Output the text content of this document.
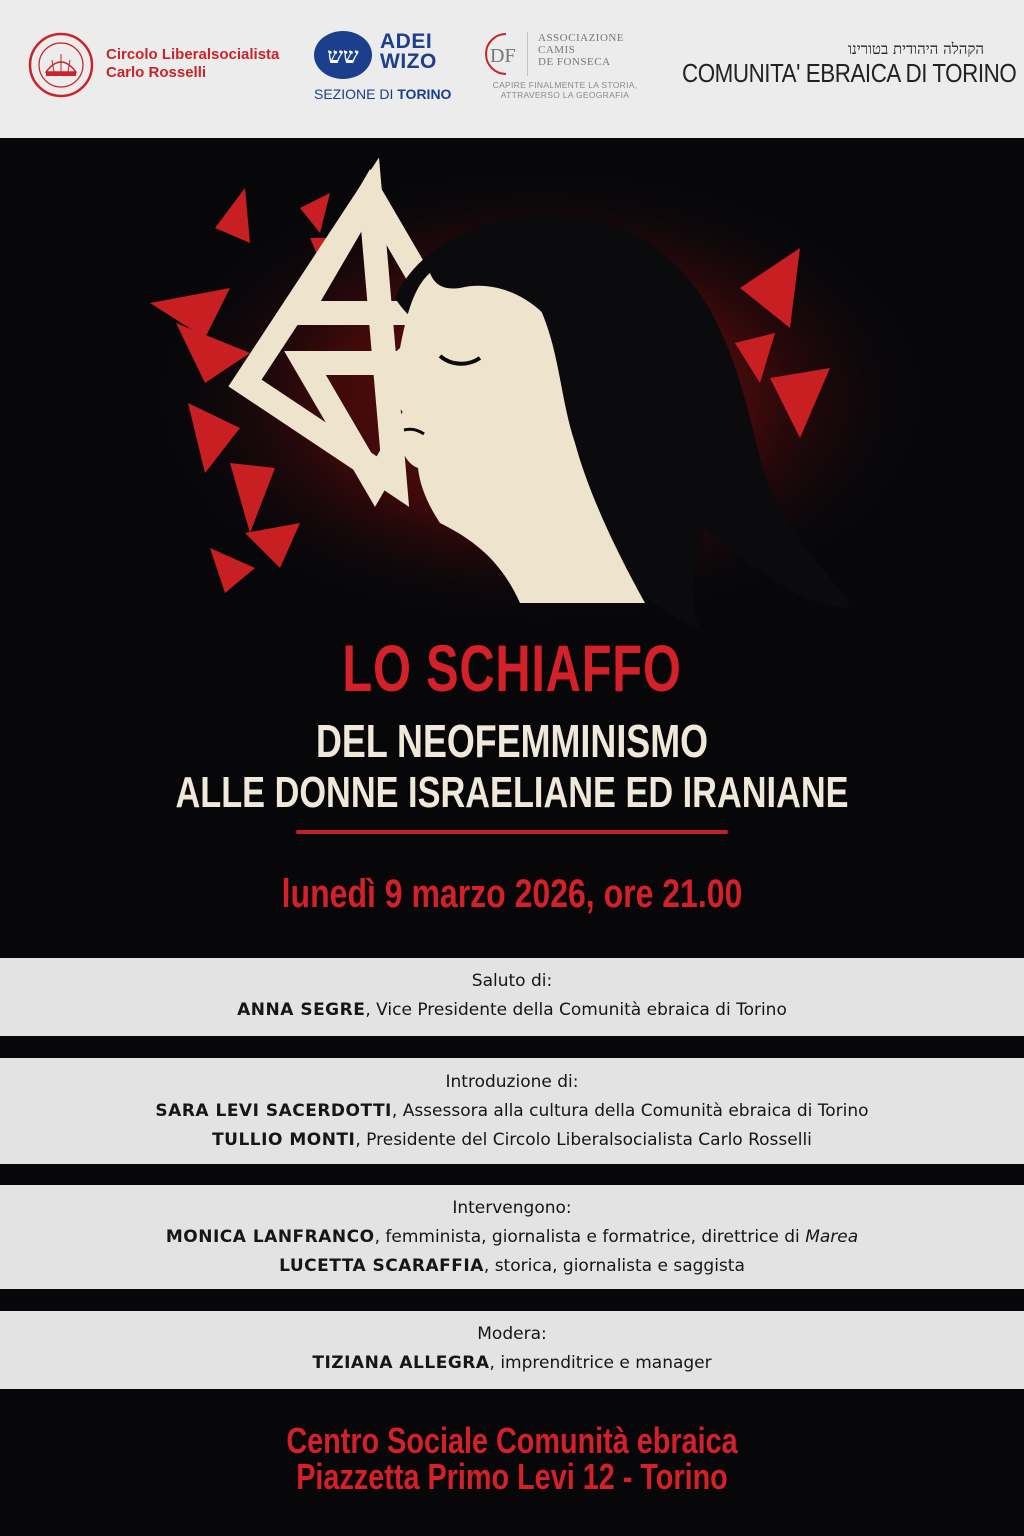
Circolo Liberalsocialista
Carlo Rosselli
שש
ADEI
WIZO
SEZIONE DI TORINO
DF
ASSOCIAZIONE
CAMIS
DE FONSECA
CAPIRE FINALMENTE LA STORIA,
ATTRAVERSO LA GEOGRAFIA
הקהלה היהודית בטורינו
COMUNITA' EBRAICA DI TORINO
LO SCHIAFFO
DEL NEOFEMMINISMO
ALLE DONNE ISRAELIANE ED IRANIANE
lunedì 9 marzo 2026, ore 21.00
Saluto di:
ANNA SEGRE, Vice Presidente della Comunità ebraica di Torino
Introduzione di:
SARA LEVI SACERDOTTI, Assessora alla cultura della Comunità ebraica di Torino
TULLIO MONTI, Presidente del Circolo Liberalsocialista Carlo Rosselli
Intervengono:
MONICA LANFRANCO, femminista, giornalista e formatrice, direttrice di Marea
LUCETTA SCARAFFIA, storica, giornalista e saggista
Modera:
TIZIANA ALLEGRA, imprenditrice e manager
Centro Sociale Comunità ebraica
Piazzetta Primo Levi 12 - Torino
